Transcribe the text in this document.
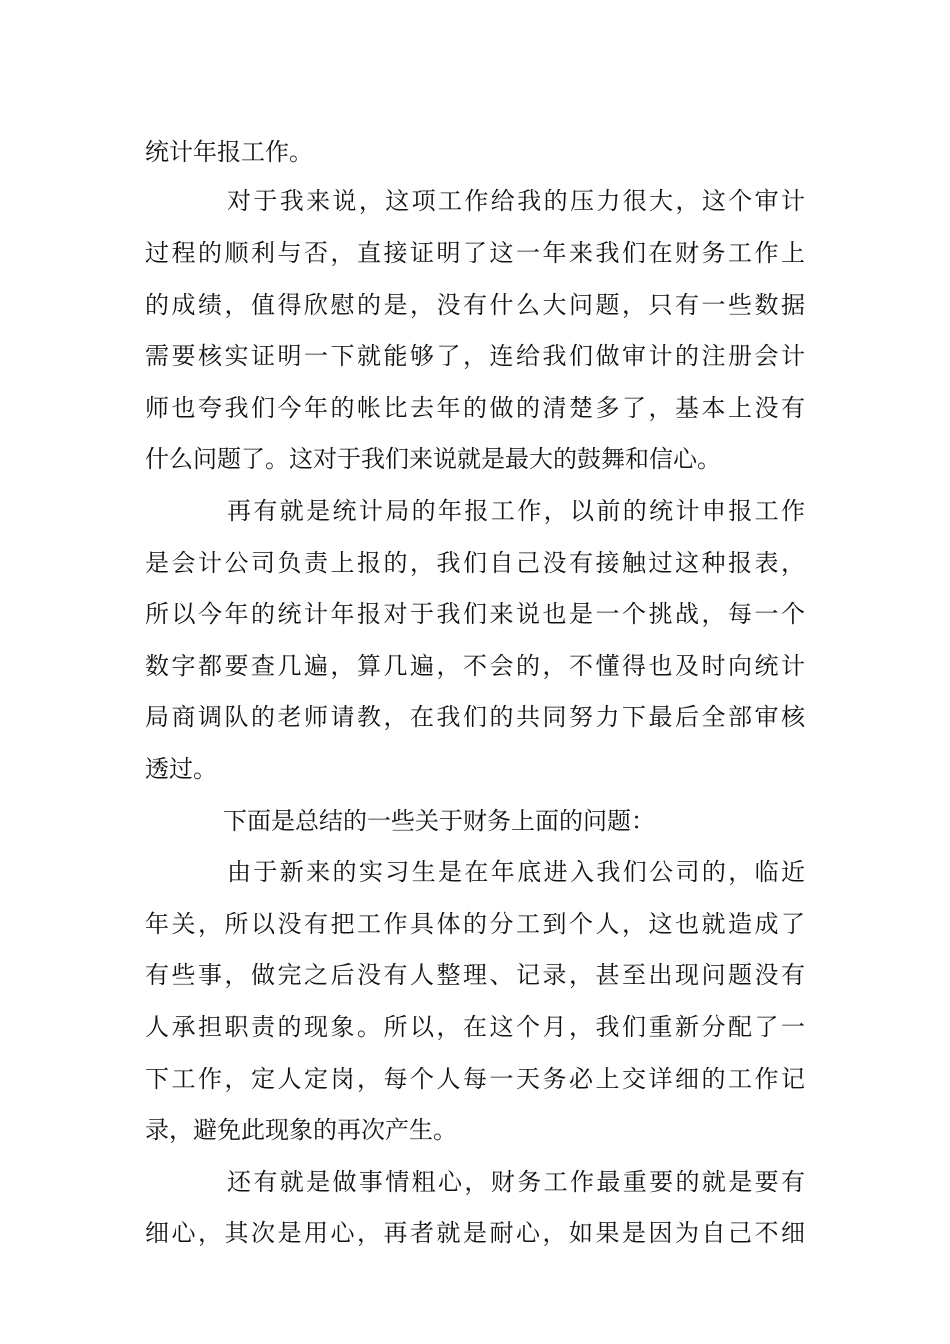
统计年报工作。
对于我来说，这项工作给我的压力很大，这个审计
过程的顺利与否，直接证明了这一年来我们在财务工作上
的成绩，值得欣慰的是，没有什么大问题，只有一些数据
需要核实证明一下就能够了，连给我们做审计的注册会计
师也夸我们今年的帐比去年的做的清楚多了，基本上没有
什么问题了。这对于我们来说就是最大的鼓舞和信心。
再有就是统计局的年报工作，以前的统计申报工作
是会计公司负责上报的，我们自己没有接触过这种报表，
所以今年的统计年报对于我们来说也是一个挑战，每一个
数字都要查几遍，算几遍，不会的，不懂得也及时向统计
局商调队的老师请教，在我们的共同努力下最后全部审核
透过。
下面是总结的一些关于财务上面的问题：
由于新来的实习生是在年底进入我们公司的，临近
年关，所以没有把工作具体的分工到个人，这也就造成了
有些事，做完之后没有人整理、记录，甚至出现问题没有
人承担职责的现象。所以，在这个月，我们重新分配了一
下工作，定人定岗，每个人每一天务必上交详细的工作记
录，避免此现象的再次产生。
还有就是做事情粗心，财务工作最重要的就是要有
细心，其次是用心，再者就是耐心，如果是因为自己不细
